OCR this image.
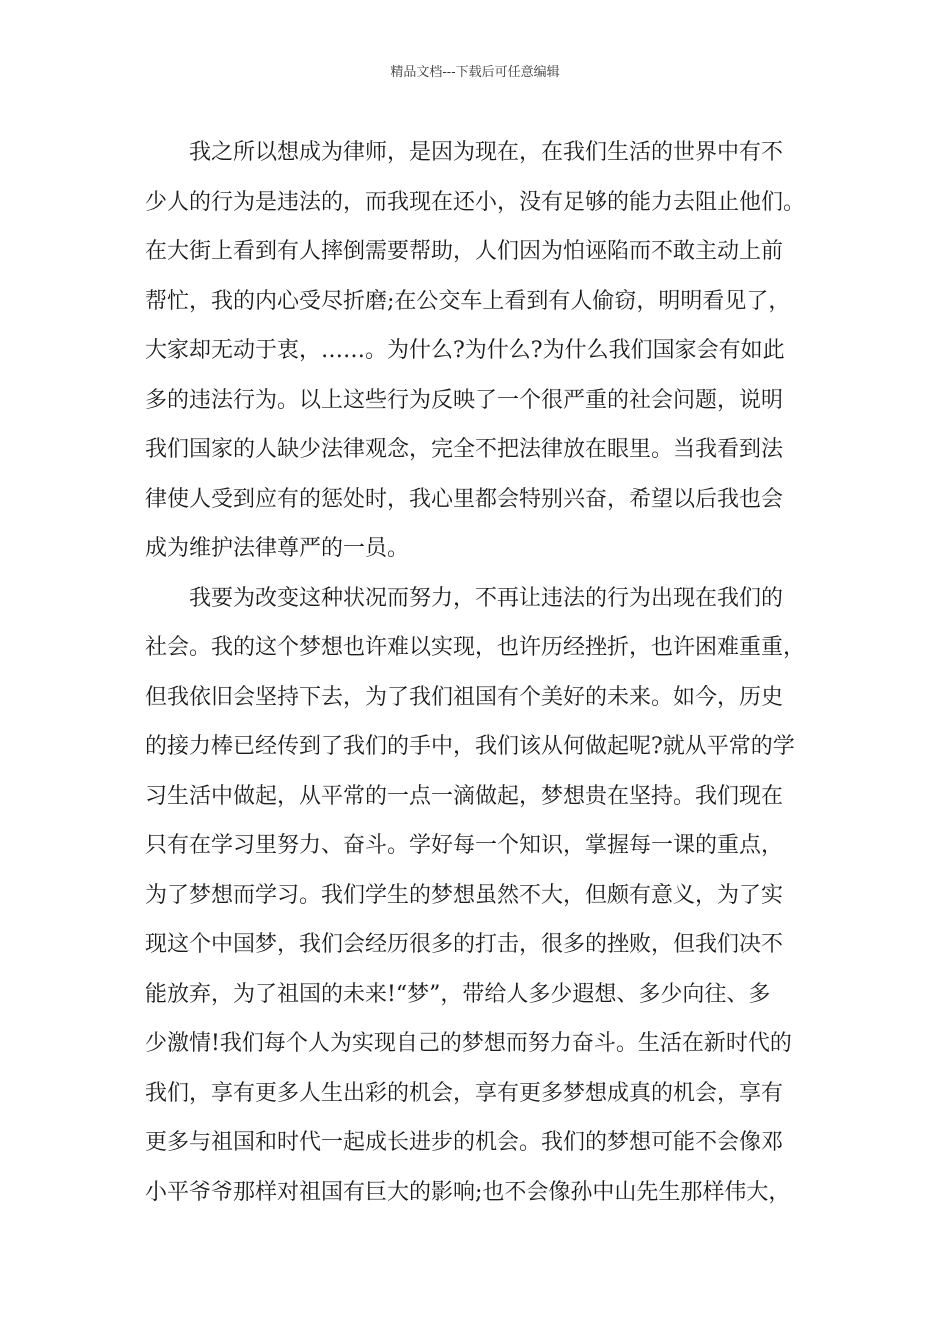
精品文档---下载后可任意编辑
我之所以想成为律师，是因为现在，在我们生活的世界中有不
少人的行为是违法的，而我现在还小，没有足够的能力去阻止他们。
在大街上看到有人摔倒需要帮助，人们因为怕诬陷而不敢主动上前
帮忙，我的内心受尽折磨;在公交车上看到有人偷窃，明明看见了，
大家却无动于衷，……。为什么?为什么?为什么我们国家会有如此
多的违法行为。以上这些行为反映了一个很严重的社会问题，说明
我们国家的人缺少法律观念，完全不把法律放在眼里。当我看到法
律使人受到应有的惩处时，我心里都会特别兴奋，希望以后我也会
成为维护法律尊严的一员。
我要为改变这种状况而努力，不再让违法的行为出现在我们的
社会。我的这个梦想也许难以实现，也许历经挫折，也许困难重重，
但我依旧会坚持下去，为了我们祖国有个美好的未来。如今，历史
的接力棒已经传到了我们的手中，我们该从何做起呢?就从平常的学
习生活中做起，从平常的一点一滴做起，梦想贵在坚持。我们现在
只有在学习里努力、奋斗。学好每一个知识，掌握每一课的重点，
为了梦想而学习。我们学生的梦想虽然不大，但颇有意义，为了实
现这个中国梦，我们会经历很多的打击，很多的挫败，但我们决不
能放弃，为了祖国的未来!“梦”，带给人多少遐想、多少向往、多
少激情!我们每个人为实现自己的梦想而努力奋斗。生活在新时代的
我们，享有更多人生出彩的机会，享有更多梦想成真的机会，享有
更多与祖国和时代一起成长进步的机会。我们的梦想可能不会像邓
小平爷爷那样对祖国有巨大的影响;也不会像孙中山先生那样伟大，
